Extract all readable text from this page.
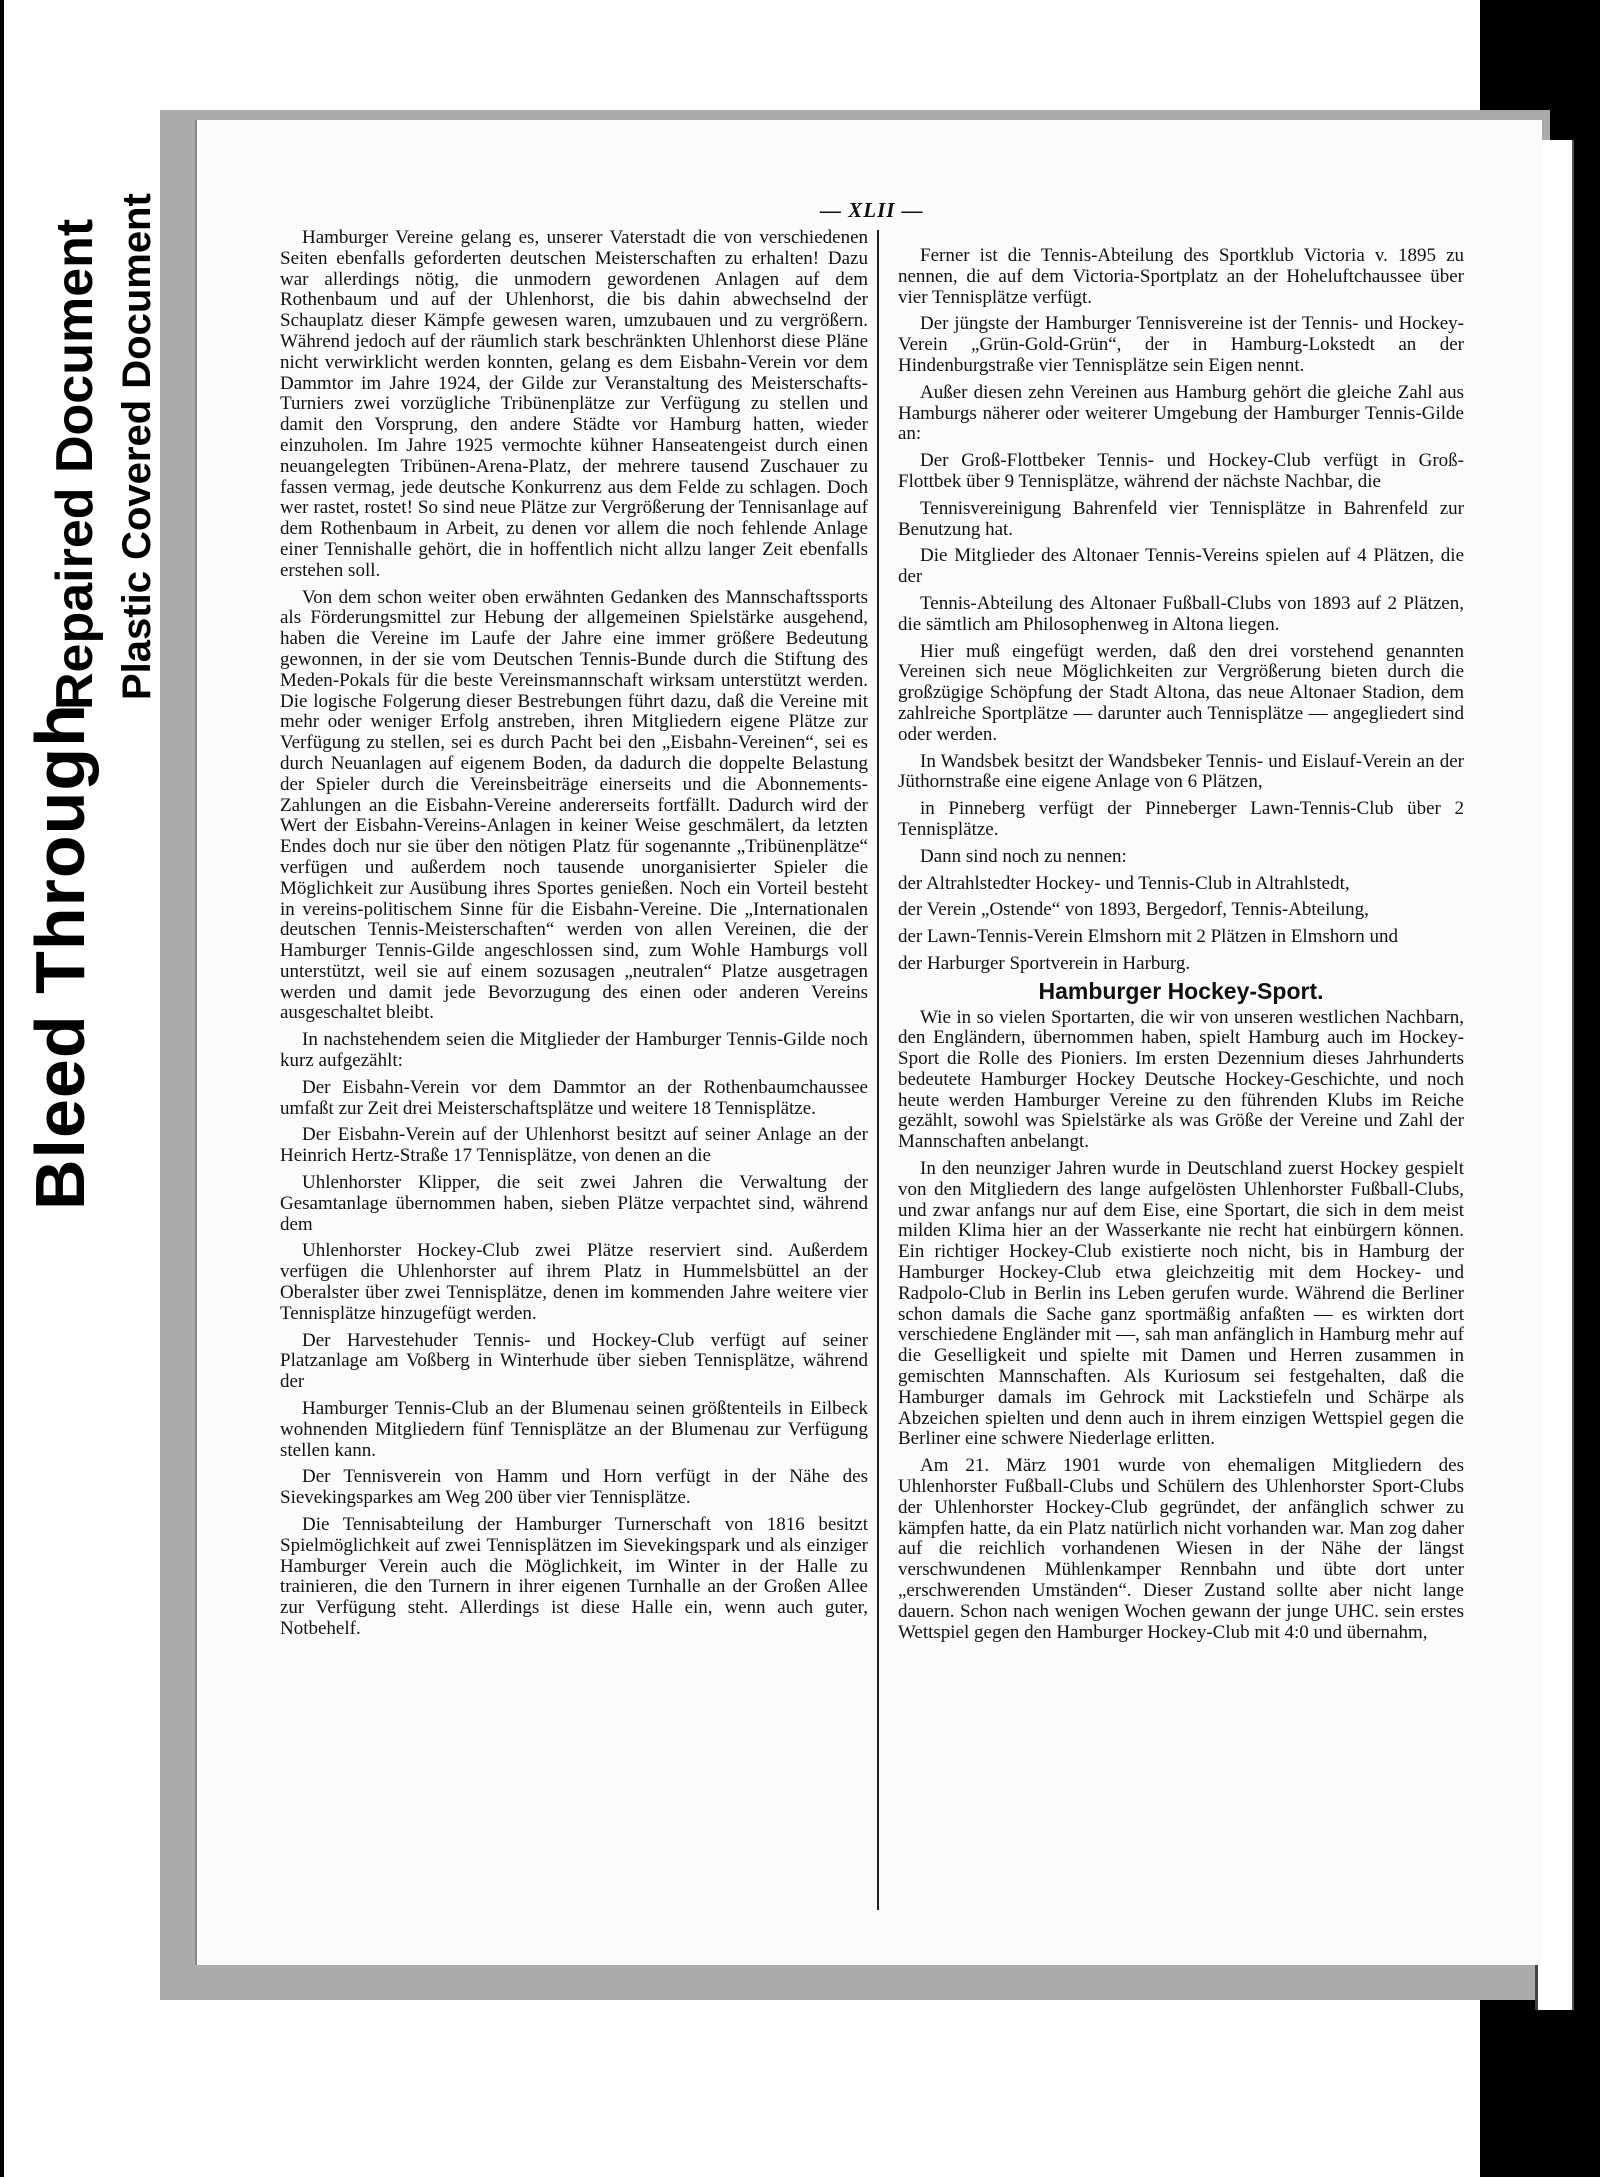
Bleed Through
Repaired Document Plastic Covered Document	— XLII —

Hamburger Vereine gelang es, unserer Vaterstadt die von verschiedenen Seiten ebenfalls geforderten deutschen Meisterschaften zu erhalten! Dazu war allerdings nötig, die unmodern gewordenen Anlagen auf dem Rothenbaum und auf der Uhlenhorst, die bis dahin abwechselnd der Schauplatz dieser Kämpfe gewesen waren, umzubauen und zu vergrößern. Während jedoch auf der räumlich stark beschränkten Uhlenhorst diese Pläne nicht verwirklicht werden konnten, gelang es dem Eisbahn-Verein vor dem Dammtor im Jahre 1924, der Gilde zur Veranstaltung des Meisterschafts-Turniers zwei vorzügliche Tribünenplätze zur Verfügung zu stellen und damit den Vorsprung, den andere Städte vor Hamburg hatten, wieder einzuholen. Im Jahre 1925 vermochte kühner Hanseatengeist durch einen neuangelegten Tribünen-Arena-Platz, der mehrere tausend Zuschauer zu fassen vermag, jede deutsche Konkurrenz aus dem Felde zu schlagen. Doch wer rastet, rostet! So sind neue Plätze zur Vergrößerung der Tennisanlage auf dem Rothenbaum in Arbeit, zu denen vor allem die noch fehlende Anlage einer Tennishalle gehört, die in hoffentlich nicht allzu langer Zeit ebenfalls erstehen soll.

Von dem schon weiter oben erwähnten Gedanken des Mannschaftssports als Förderungsmittel zur Hebung der allgemeinen Spielstärke ausgehend, haben die Vereine im Laufe der Jahre eine immer größere Bedeutung gewonnen, in der sie vom Deutschen Tennis-Bunde durch die Stiftung des Meden-Pokals für die beste Vereinsmannschaft wirksam unterstützt werden. Die logische Folgerung dieser Bestrebungen führt dazu, daß die Vereine mit mehr oder weniger Erfolg anstreben, ihren Mitgliedern eigene Plätze zur Verfügung zu stellen, sei es durch Pacht bei den „Eisbahn-Vereinen“, sei es durch Neuanlagen auf eigenem Boden, da dadurch die doppelte Belastung der Spieler durch die Vereinsbeiträge einerseits und die Abonnements-Zahlungen an die Eisbahn-Vereine andererseits fortfällt. Dadurch wird der Wert der Eisbahn-Vereins-Anlagen in keiner Weise geschmälert, da letzten Endes doch nur sie über den nötigen Platz für sogenannte „Tribünenplätze“ verfügen und außerdem noch tausende unorganisierter Spieler die Möglichkeit zur Ausübung ihres Sportes genießen. Noch ein Vorteil besteht in vereins-politischem Sinne für die Eisbahn-Vereine. Die „Internationalen deutschen Tennis-Meisterschaften“ werden von allen Vereinen, die der Hamburger Tennis-Gilde angeschlossen sind, zum Wohle Hamburgs voll unterstützt, weil sie auf einem sozusagen „neutralen“ Platze ausgetragen werden und damit jede Bevorzugung des einen oder anderen Vereins ausgeschaltet bleibt.

In nachstehendem seien die Mitglieder der Hamburger Tennis-Gilde noch kurz aufgezählt:

Der Eisbahn-Verein vor dem Dammtor an der Rothenbaumchaussee umfaßt zur Zeit drei Meisterschaftsplätze und weitere 18 Tennisplätze.

Der Eisbahn-Verein auf der Uhlenhorst besitzt auf seiner Anlage an der Heinrich Hertz-Straße 17 Tennisplätze, von denen an die

Uhlenhorster Klipper, die seit zwei Jahren die Verwaltung der Gesamtanlage übernommen haben, sieben Plätze verpachtet sind, während dem

Uhlenhorster Hockey-Club zwei Plätze reserviert sind. Außerdem verfügen die Uhlenhorster auf ihrem Platz in Hummelsbüttel an der Oberalster über zwei Tennisplätze, denen im kommenden Jahre weitere vier Tennisplätze hinzugefügt werden.

Der Harvestehuder Tennis- und Hockey-Club verfügt auf seiner Platzanlage am Voßberg in Winterhude über sieben Tennisplätze, während der

Hamburger Tennis-Club an der Blumenau seinen größtenteils in Eilbeck wohnenden Mitgliedern fünf Tennisplätze an der Blumenau zur Verfügung stellen kann.

Der Tennisverein von Hamm und Horn verfügt in der Nähe des Sievekingsparkes am Weg 200 über vier Tennisplätze.

Die Tennisabteilung der Hamburger Turnerschaft von 1816 besitzt Spielmöglichkeit auf zwei Tennisplätzen im Sievekingspark und als einziger Hamburger Verein auch die Möglichkeit, im Winter in der Halle zu trainieren, die den Turnern in ihrer eigenen Turnhalle an der Großen Allee zur Verfügung steht. Allerdings ist diese Halle ein, wenn auch guter, Notbehelf.

Ferner ist die Tennis-Abteilung des Sportklub Victoria v. 1895 zu nennen, die auf dem Victoria-Sportplatz an der Hoheluftchaussee über vier Tennisplätze verfügt.

Der jüngste der Hamburger Tennisvereine ist der Tennis- und Hockey-Verein „Grün-Gold-Grün“, der in Hamburg-Lokstedt an der Hindenburgstraße vier Tennisplätze sein Eigen nennt.

Außer diesen zehn Vereinen aus Hamburg gehört die gleiche Zahl aus Hamburgs näherer oder weiterer Umgebung der Hamburger Tennis-Gilde an:

Der Groß-Flottbeker Tennis- und Hockey-Club verfügt in Groß-Flottbek über 9 Tennisplätze, während der nächste Nachbar, die

Tennisvereinigung Bahrenfeld vier Tennisplätze in Bahrenfeld zur Benutzung hat.

Die Mitglieder des Altonaer Tennis-Vereins spielen auf 4 Plätzen, die der

Tennis-Abteilung des Altonaer Fußball-Clubs von 1893 auf 2 Plätzen, die sämtlich am Philosophenweg in Altona liegen.

Hier muß eingefügt werden, daß den drei vorstehend genannten Vereinen sich neue Möglichkeiten zur Vergrößerung bieten durch die großzügige Schöpfung der Stadt Altona, das neue Altonaer Stadion, dem zahlreiche Sportplätze — darunter auch Tennisplätze — angegliedert sind oder werden.

In Wandsbek besitzt der Wandsbeker Tennis- und Eislauf-Verein an der Jüthornstraße eine eigene Anlage von 6 Plätzen,

in Pinneberg verfügt der Pinneberger Lawn-Tennis-Club über 2 Tennisplätze.

Dann sind noch zu nennen:

der Altrahlstedter Hockey- und Tennis-Club in Altrahlstedt,

der Verein „Ostende“ von 1893, Bergedorf, Tennis-Abteilung,

der Lawn-Tennis-Verein Elmshorn mit 2 Plätzen in Elmshorn und

der Harburger Sportverein in Harburg.

Hamburger Hockey-Sport.

Wie in so vielen Sportarten, die wir von unseren westlichen Nachbarn, den Engländern, übernommen haben, spielt Hamburg auch im Hockey-Sport die Rolle des Pioniers. Im ersten Dezennium dieses Jahrhunderts bedeutete Hamburger Hockey Deutsche Hockey-Geschichte, und noch heute werden Hamburger Vereine zu den führenden Klubs im Reiche gezählt, sowohl was Spielstärke als was Größe der Vereine und Zahl der Mannschaften anbelangt.

In den neunziger Jahren wurde in Deutschland zuerst Hockey gespielt von den Mitgliedern des lange aufgelösten Uhlenhorster Fußball-Clubs, und zwar anfangs nur auf dem Eise, eine Sportart, die sich in dem meist milden Klima hier an der Wasserkante nie recht hat einbürgern können. Ein richtiger Hockey-Club existierte noch nicht, bis in Hamburg der Hamburger Hockey-Club etwa gleichzeitig mit dem Hockey- und Radpolo-Club in Berlin ins Leben gerufen wurde. Während die Berliner schon damals die Sache ganz sportmäßig anfaßten — es wirkten dort verschiedene Engländer mit —, sah man anfänglich in Hamburg mehr auf die Geselligkeit und spielte mit Damen und Herren zusammen in gemischten Mannschaften. Als Kuriosum sei festgehalten, daß die Hamburger damals im Gehrock mit Lackstiefeln und Schärpe als Abzeichen spielten und denn auch in ihrem einzigen Wettspiel gegen die Berliner eine schwere Niederlage erlitten.

Am 21. März 1901 wurde von ehemaligen Mitgliedern des Uhlenhorster Fußball-Clubs und Schülern des Uhlenhorster Sport-Clubs der Uhlenhorster Hockey-Club gegründet, der anfänglich schwer zu kämpfen hatte, da ein Platz natürlich nicht vorhanden war. Man zog daher auf die reichlich vorhandenen Wiesen in der Nähe der längst verschwundenen Mühlenkamper Rennbahn und übte dort unter „erschwerenden Umständen“. Dieser Zustand sollte aber nicht lange dauern. Schon nach wenigen Wochen gewann der junge UHC. sein erstes Wettspiel gegen den Hamburger Hockey-Club mit 4:0 und übernahm,
